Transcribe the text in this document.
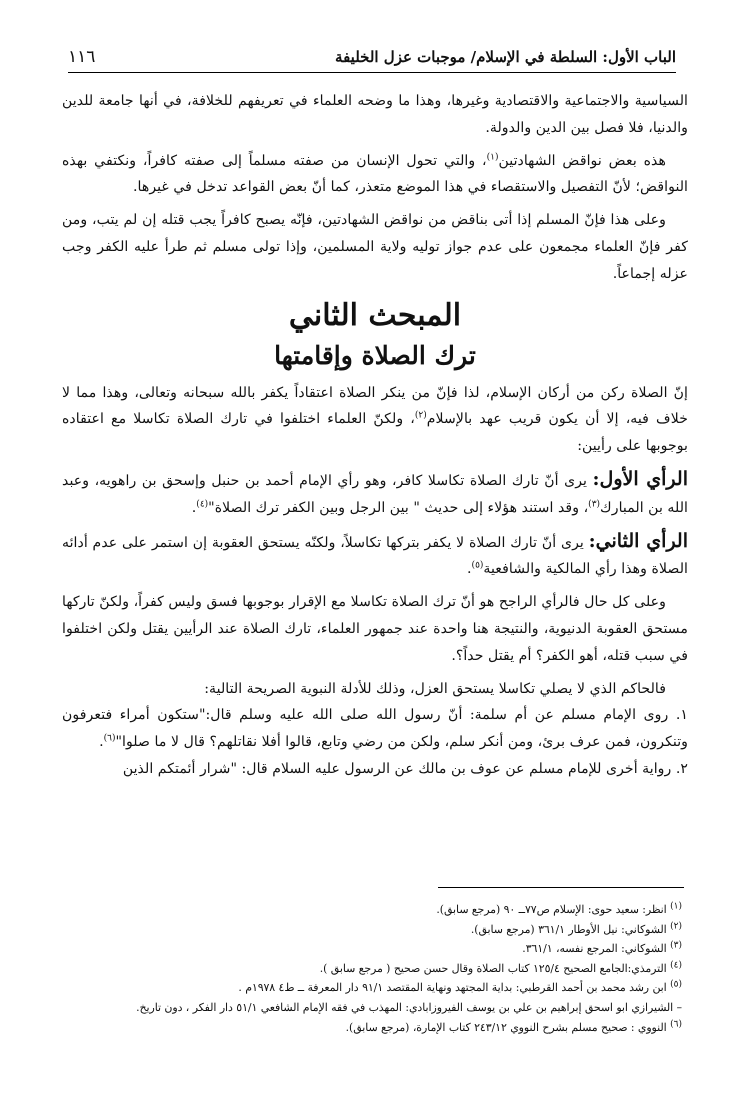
الباب الأول: السلطة في الإسلام/ موجبات عزل الخليفة
١١٦

السياسية والاجتماعية والاقتصادية وغيرها، وهذا ما وضحه العلماء في تعريفهم للخلافة، في أنها جامعة للدين والدنيا، فلا فصل بين الدين والدولة.

هذه بعض نواقض الشهادتين$^{(١)}$، والتي تحول الإنسان من صفته مسلماً إلى صفته كافراً، ونكتفي بهذه النواقض؛ لأنّ التفصيل والاستقصاء في هذا الموضع متعذر، كما أنّ بعض القواعد تدخل في غيرها.

وعلى هذا فإنّ المسلم إذا أتى بناقض من نواقض الشهادتين، فإنّه يصبح كافراً يجب قتله إن لم يتب، ومن كفر فإنّ العلماء مجمعون على عدم جواز توليه ولاية المسلمين، وإذا تولى مسلم ثم طرأ عليه الكفر وجب عزله إجماعاً.

المبحث الثاني
ترك الصلاة وإقامتها

إنّ الصلاة ركن من أركان الإسلام، لذا فإنّ من ينكر الصلاة اعتقاداً يكفر بالله سبحانه وتعالى، وهذا مما لا خلاف فيه، إلا أن يكون قريب عهد بالإسلام$^{(٢)}$، ولكنّ العلماء اختلفوا في تارك الصلاة تكاسلا مع اعتقاده بوجوبها على رأيين:

الرأي الأول: يرى أنّ تارك الصلاة تكاسلا كافر، وهو رأي الإمام أحمد بن حنبل وإسحق بن راهويه، وعبد الله بن المبارك$^{(٣)}$، وقد استند هؤلاء إلى حديث " بين الرجل وبين الكفر ترك الصلاة"$^{(٤)}$.

الرأي الثاني: يرى أنّ تارك الصلاة لا يكفر بتركها تكاسلاً، ولكنّه يستحق العقوبة إن استمر على عدم أدائه الصلاة وهذا رأي المالكية والشافعية$^{(٥)}$.

وعلى كل حال فالرأي الراجح هو أنّ ترك الصلاة تكاسلا مع الإقرار بوجوبها فسق وليس كفراً، ولكنّ تاركها مستحق العقوبة الدنيوية، والنتيجة هنا واحدة عند جمهور العلماء، تارك الصلاة عند الرأيين يقتل ولكن اختلفوا في سبب قتله، أهو الكفر؟ أم يقتل حداً؟.

فالحاكم الذي لا يصلي تكاسلا يستحق العزل، وذلك للأدلة النبوية الصريحة التالية:

١. روى الإمام مسلم عن أم سلمة: أنّ رسول الله صلى الله عليه وسلم قال:"ستكون أمراء فتعرفون وتنكرون، فمن عرف برئ، ومن أنكر سلم، ولكن من رضي وتابع، قالوا أفلا نقاتلهم؟ قال لا ما صلوا"$^{(٦)}$.

٢. رواية أخرى للإمام مسلم عن عوف بن مالك عن الرسول عليه السلام قال: "شرار أئمتكم الذين

$^{(١)}$ انظر: سعيد حوى: الإسلام ص٧٧ــ ٩٠ (مرجع سابق).
$^{(٢)}$ الشوكاني: نيل الأوطار ٣٦١/١ (مرجع سابق).
$^{(٣)}$ الشوكاني: المرجع نفسه، ٣٦١/١.
$^{(٤)}$ الترمذي:الجامع الصحيح ١٢٥/٤ كتاب الصلاة وقال حسن صحيح ( مرجع سابق ).
$^{(٥)}$ ابن رشد محمد بن أحمد القرطبي: بداية المجتهد ونهاية المقتصد ٩١/١ دار المعرفة ــ ط٤ ١٩٧٨م .
– الشيرازي ابو اسحق إبراهيم بن علي بن يوسف الفيروزابادي: المهذب في فقه الإمام الشافعي ٥١/١ دار الفكر ، دون تاريخ.
$^{(٦)}$ النووي : صحيح مسلم بشرح النووي ٢٤٣/١٢ كتاب الإمارة، (مرجع سابق).
